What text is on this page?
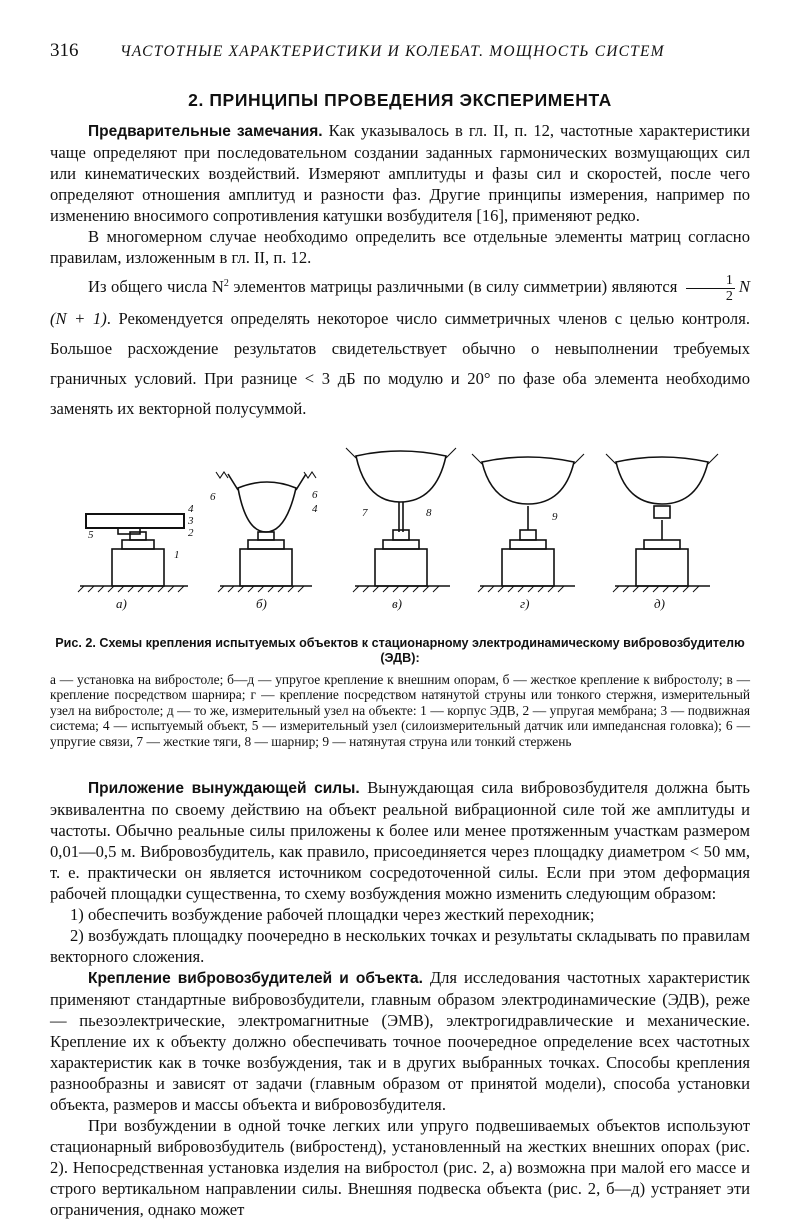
316	ЧАСТОТНЫЕ ХАРАКТЕРИСТИКИ И КОЛЕБАТ. МОЩНОСТЬ СИСТЕМ
2. ПРИНЦИПЫ ПРОВЕДЕНИЯ ЭКСПЕРИМЕНТА

Предварительные замечания. Как указывалось в гл. II, п. 12, частотные характеристики чаще определяют при последовательном создании заданных гармонических возмущающих сил или кинематических воздействий. Измеряют амплитуды и фазы сил и скоростей, после чего определяют отношения амплитуд и разности фаз. Другие принципы измерения, например по изменению вносимого сопротивления катушки возбудителя [16], применяют редко.

В многомерном случае необходимо определить все отдельные элементы матриц согласно правилам, изложенным в гл. II, п. 12.

Из общего числа $N^2$ элементов матрицы различными (в силу симметрии) являются $\frac{1}{2}$ N (N + 1). Рекомендуется определять некоторое число симметричных членов с целью контроля. Большое расхождение результатов свидетельствует обычно о невыполнении требуемых граничных условий. При разнице < 3 дБ по модулю и 20° по фазе оба элемента необходимо заменять их векторной полусуммой.

а)	б)	в)	г)	д)
4
3
2
1
5
6	6
4	7	8	9
Рис. 2. Схемы крепления испытуемых объектов к стационарному электродинамическому вибровозбудителю (ЭДВ):

а — установка на вибростоле; б—д — упругое крепление к внешним опорам, б — жесткое крепление к вибростолу; в — крепление посредством шарнира; г — крепление посредством натянутой струны или тонкого стержня, измерительный узел на вибростоле; д — то же, измерительный узел на объекте: 1 — корпус ЭДВ, 2 — упругая мембрана; 3 — подвижная система; 4 — испытуемый объект, 5 — измерительный узел (силоизмерительный датчик или импедансная головка); 6 — упругие связи, 7 — жесткие тяги, 8 — шарнир; 9 — натянутая струна или тонкий стержень

Приложение вынуждающей силы. Вынуждающая сила вибровозбудителя должна быть эквивалентна по своему действию на объект реальной вибрационной силе той же амплитуды и частоты. Обычно реальные силы приложены к более или менее протяженным участкам размером 0,01—0,5 м. Вибровозбудитель, как правило, присоединяется через площадку диаметром < 50 мм, т. е. практически он является источником сосредоточенной силы. Если при этом деформация рабочей площадки существенна, то схему возбуждения можно изменить следующим образом:

1) обеспечить возбуждение рабочей площадки через жесткий переходник;

2) возбуждать площадку поочередно в нескольких точках и результаты складывать по правилам векторного сложения.

Крепление вибровозбудителей и объекта. Для исследования частотных характеристик применяют стандартные вибровозбудители, главным образом электродинамические (ЭДВ), реже — пьезоэлектрические, электромагнитные (ЭМВ), электрогидравлические и механические. Крепление их к объекту должно обеспечивать точное поочередное определение всех частотных характеристик как в точке возбуждения, так и в других выбранных точках. Способы крепления разнообразны и зависят от задачи (главным образом от принятой модели), способа установки объекта, размеров и массы объекта и вибровозбудителя.

При возбуждении в одной точке легких или упруго подвешиваемых объектов используют стационарный вибровозбудитель (вибростенд), установленный на жестких внешних опорах (рис. 2). Непосредственная установка изделия на вибростол (рис. 2, а) возможна при малой его массе и строго вертикальном направлении силы. Внешняя подвеска объекта (рис. 2, б—д) устраняет эти ограничения, однако может
